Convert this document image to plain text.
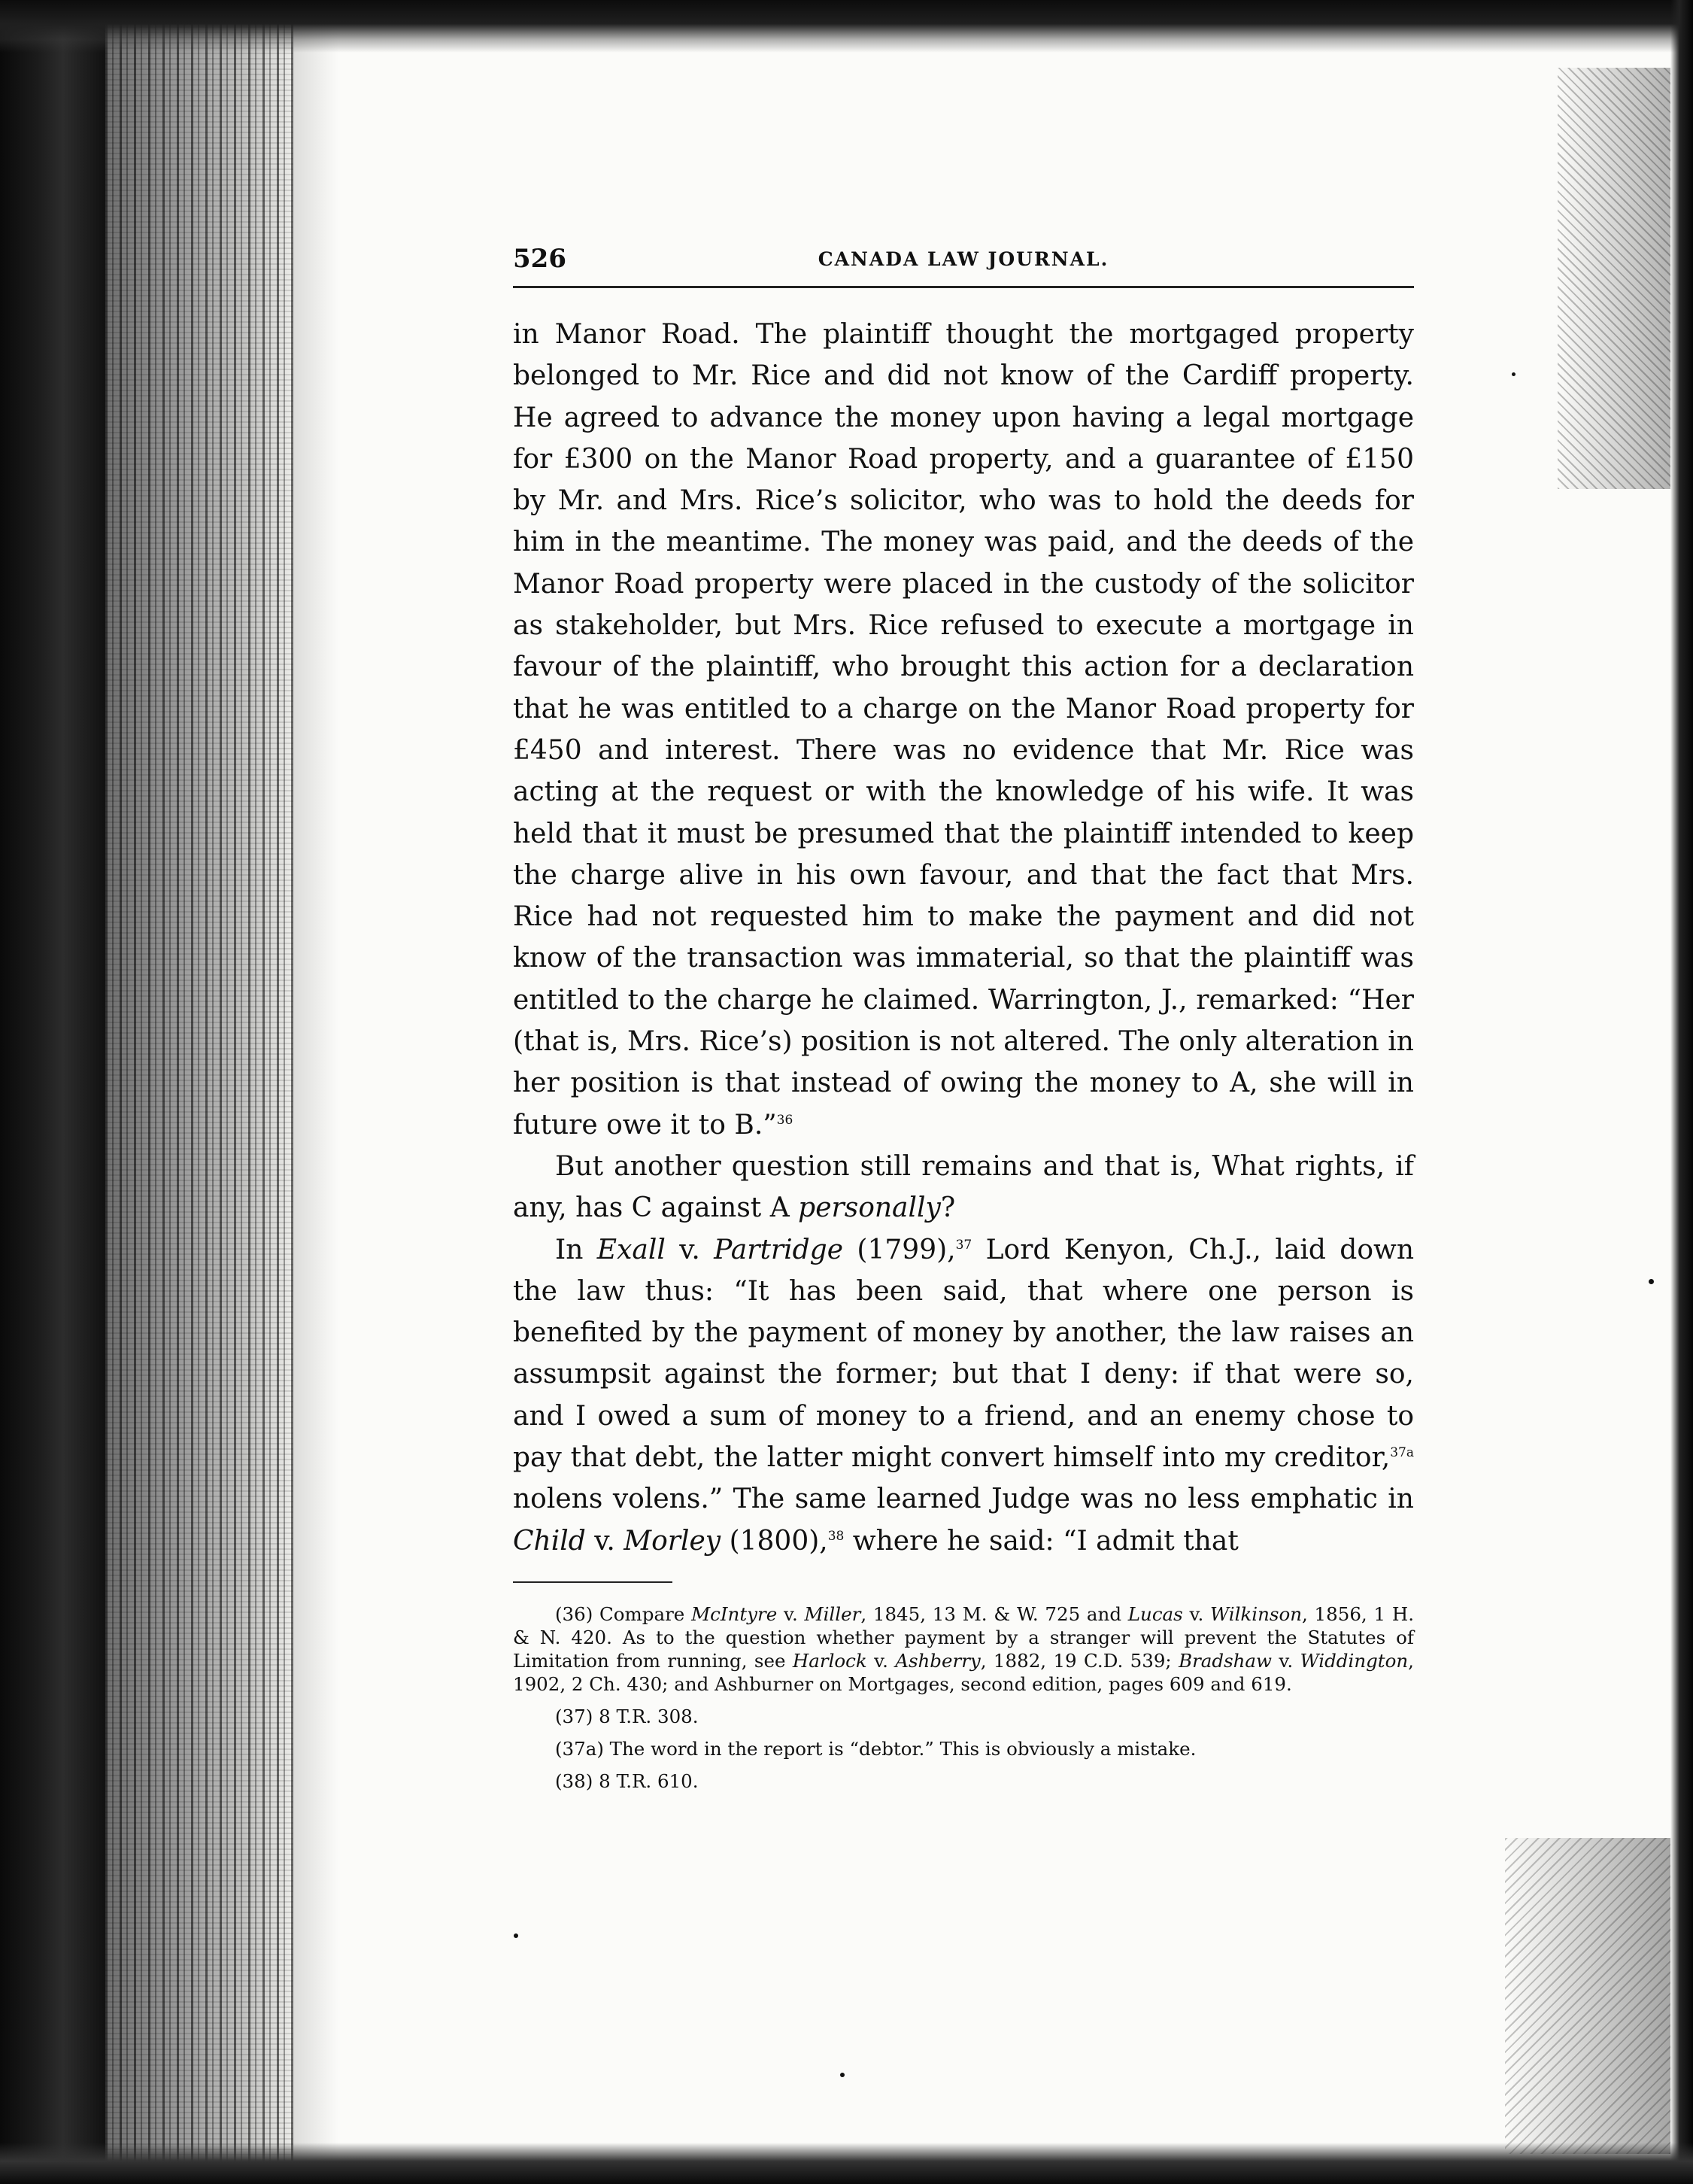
526	CANADA LAW JOURNAL.

in Manor Road. The plaintiff thought the mortgaged property belonged to Mr. Rice and did not know of the Cardiff property. He agreed to advance the money upon having a legal mortgage for £300 on the Manor Road property, and a guarantee of £150 by Mr. and Mrs. Rice’s solicitor, who was to hold the deeds for him in the meantime. The money was paid, and the deeds of the Manor Road property were placed in the custody of the solicitor as stakeholder, but Mrs. Rice refused to execute a mortgage in favour of the plaintiff, who brought this action for a declaration that he was entitled to a charge on the Manor Road property for £450 and interest. There was no evidence that Mr. Rice was acting at the request or with the knowledge of his wife. It was held that it must be presumed that the plaintiff intended to keep the charge alive in his own favour, and that the fact that Mrs. Rice had not requested him to make the payment and did not know of the transaction was immaterial, so that the plaintiff was entitled to the charge he claimed. Warrington, J., remarked: “Her (that is, Mrs. Rice’s) position is not altered. The only alteration in her position is that instead of owing the money to A, she will in future owe it to B.”$^{36}$

But another question still remains and that is, What rights, if any, has C against A personally?

In Exall v. Partridge (1799),$^{37}$ Lord Kenyon, Ch.J., laid down the law thus: “It has been said, that where one person is benefited by the payment of money by another, the law raises an assumpsit against the former; but that I deny: if that were so, and I owed a sum of money to a friend, and an enemy chose to pay that debt, the latter might convert himself into my creditor,$^{37a}$ nolens volens.” The same learned Judge was no less emphatic in Child v. Morley (1800),$^{38}$ where he said: “I admit that

(36) Compare McIntyre v. Miller, 1845, 13 M. & W. 725 and Lucas v. Wilkinson, 1856, 1 H. & N. 420. As to the question whether payment by a stranger will prevent the Statutes of Limitation from running, see Harlock v. Ashberry, 1882, 19 C.D. 539; Bradshaw v. Widdington, 1902, 2 Ch. 430; and Ashburner on Mortgages, second edition, pages 609 and 619.

(37) 8 T.R. 308.

(37a) The word in the report is “debtor.” This is obviously a mistake.

(38) 8 T.R. 610.
